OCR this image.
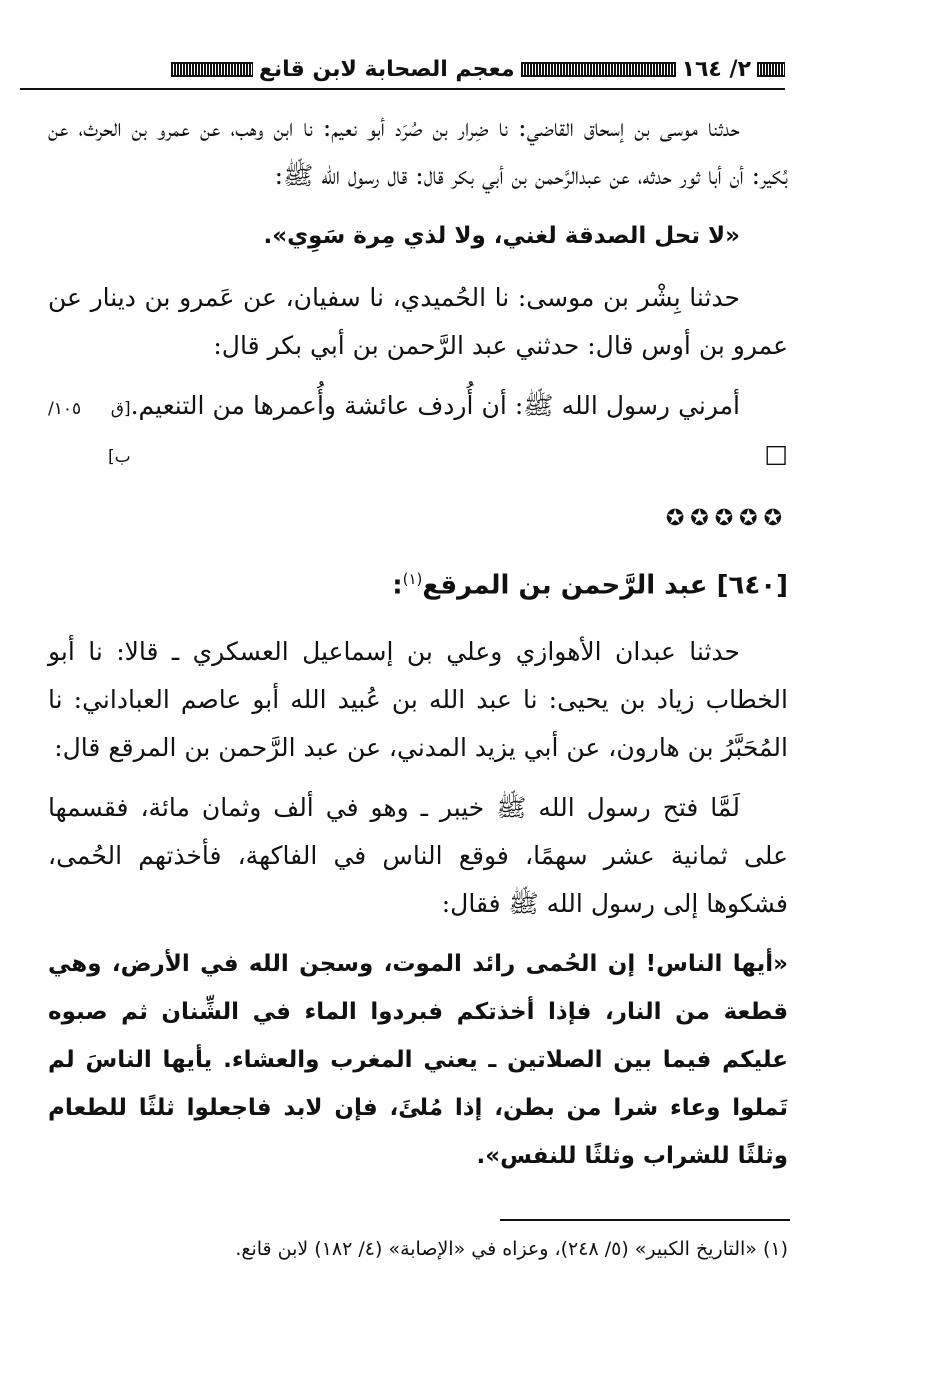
٢/ ١٦٤
معجم الصحابة لابن قانع

حدثنا موسى بن إسحاق القاضي: نا ضِرار بن صُرَد أبو نعيم: نا ابن وهب، عن عمرو بن الحرث، عن بُكير: أن أبا ثور حدثه، عن عبدالرَّحمن بن أبي بكر قال: قال رسول الله ﷺ:

«لا تحل الصدقة لغني، ولا لذي مِرة سَوِي».

حدثنا بِشْر بن موسى: نا الحُميدي، نا سفيان، عن عَمرو بن دينار عن عمرو بن أوس قال: حدثني عبد الرَّحمن بن أبي بكر قال:

أمرني رسول الله ﷺ: أن أُردف عائشة وأُعمرها من التنعيم. □
[ق ١٠٥/ ب]
✪✪✪✪✪

[٦٤٠] عبد الرَّحمن بن المرقع$^{(١)}$:

حدثنا عبدان الأهوازي وعلي بن إسماعيل العسكري ـ قالا: نا أبو الخطاب زياد بن يحيى: نا عبد الله بن عُبيد الله أبو عاصم العباداني: نا المُحَبَّرُ بن هارون، عن أبي يزيد المدني، عن عبد الرَّحمن بن المرقع قال:

لَمَّا فتح رسول الله ﷺ خيبر ـ وهو في ألف وثمان مائة، فقسمها على ثمانية عشر سهمًا، فوقع الناس في الفاكهة، فأخذتهم الحُمى، فشكوها إلى رسول الله ﷺ فقال:

«أيها الناس! إن الحُمى رائد الموت، وسجن الله في الأرض، وهي قطعة من النار، فإذا أخذتكم فبردوا الماء في الشِّنان ثم صبوه عليكم فيما بين الصلاتين ـ يعني المغرب والعشاء. يأيها الناسَ لم تَملوا وعاء شرا من بطن، إذا مُلئَ، فإن لابد فاجعلوا ثلثًا للطعام وثلثًا للشراب وثلثًا للنفس».

(١) «التاريخ الكبير» (٥/ ٢٤٨)، وعزاه في «الإصابة» (٤/ ١٨٢) لابن قانع.
